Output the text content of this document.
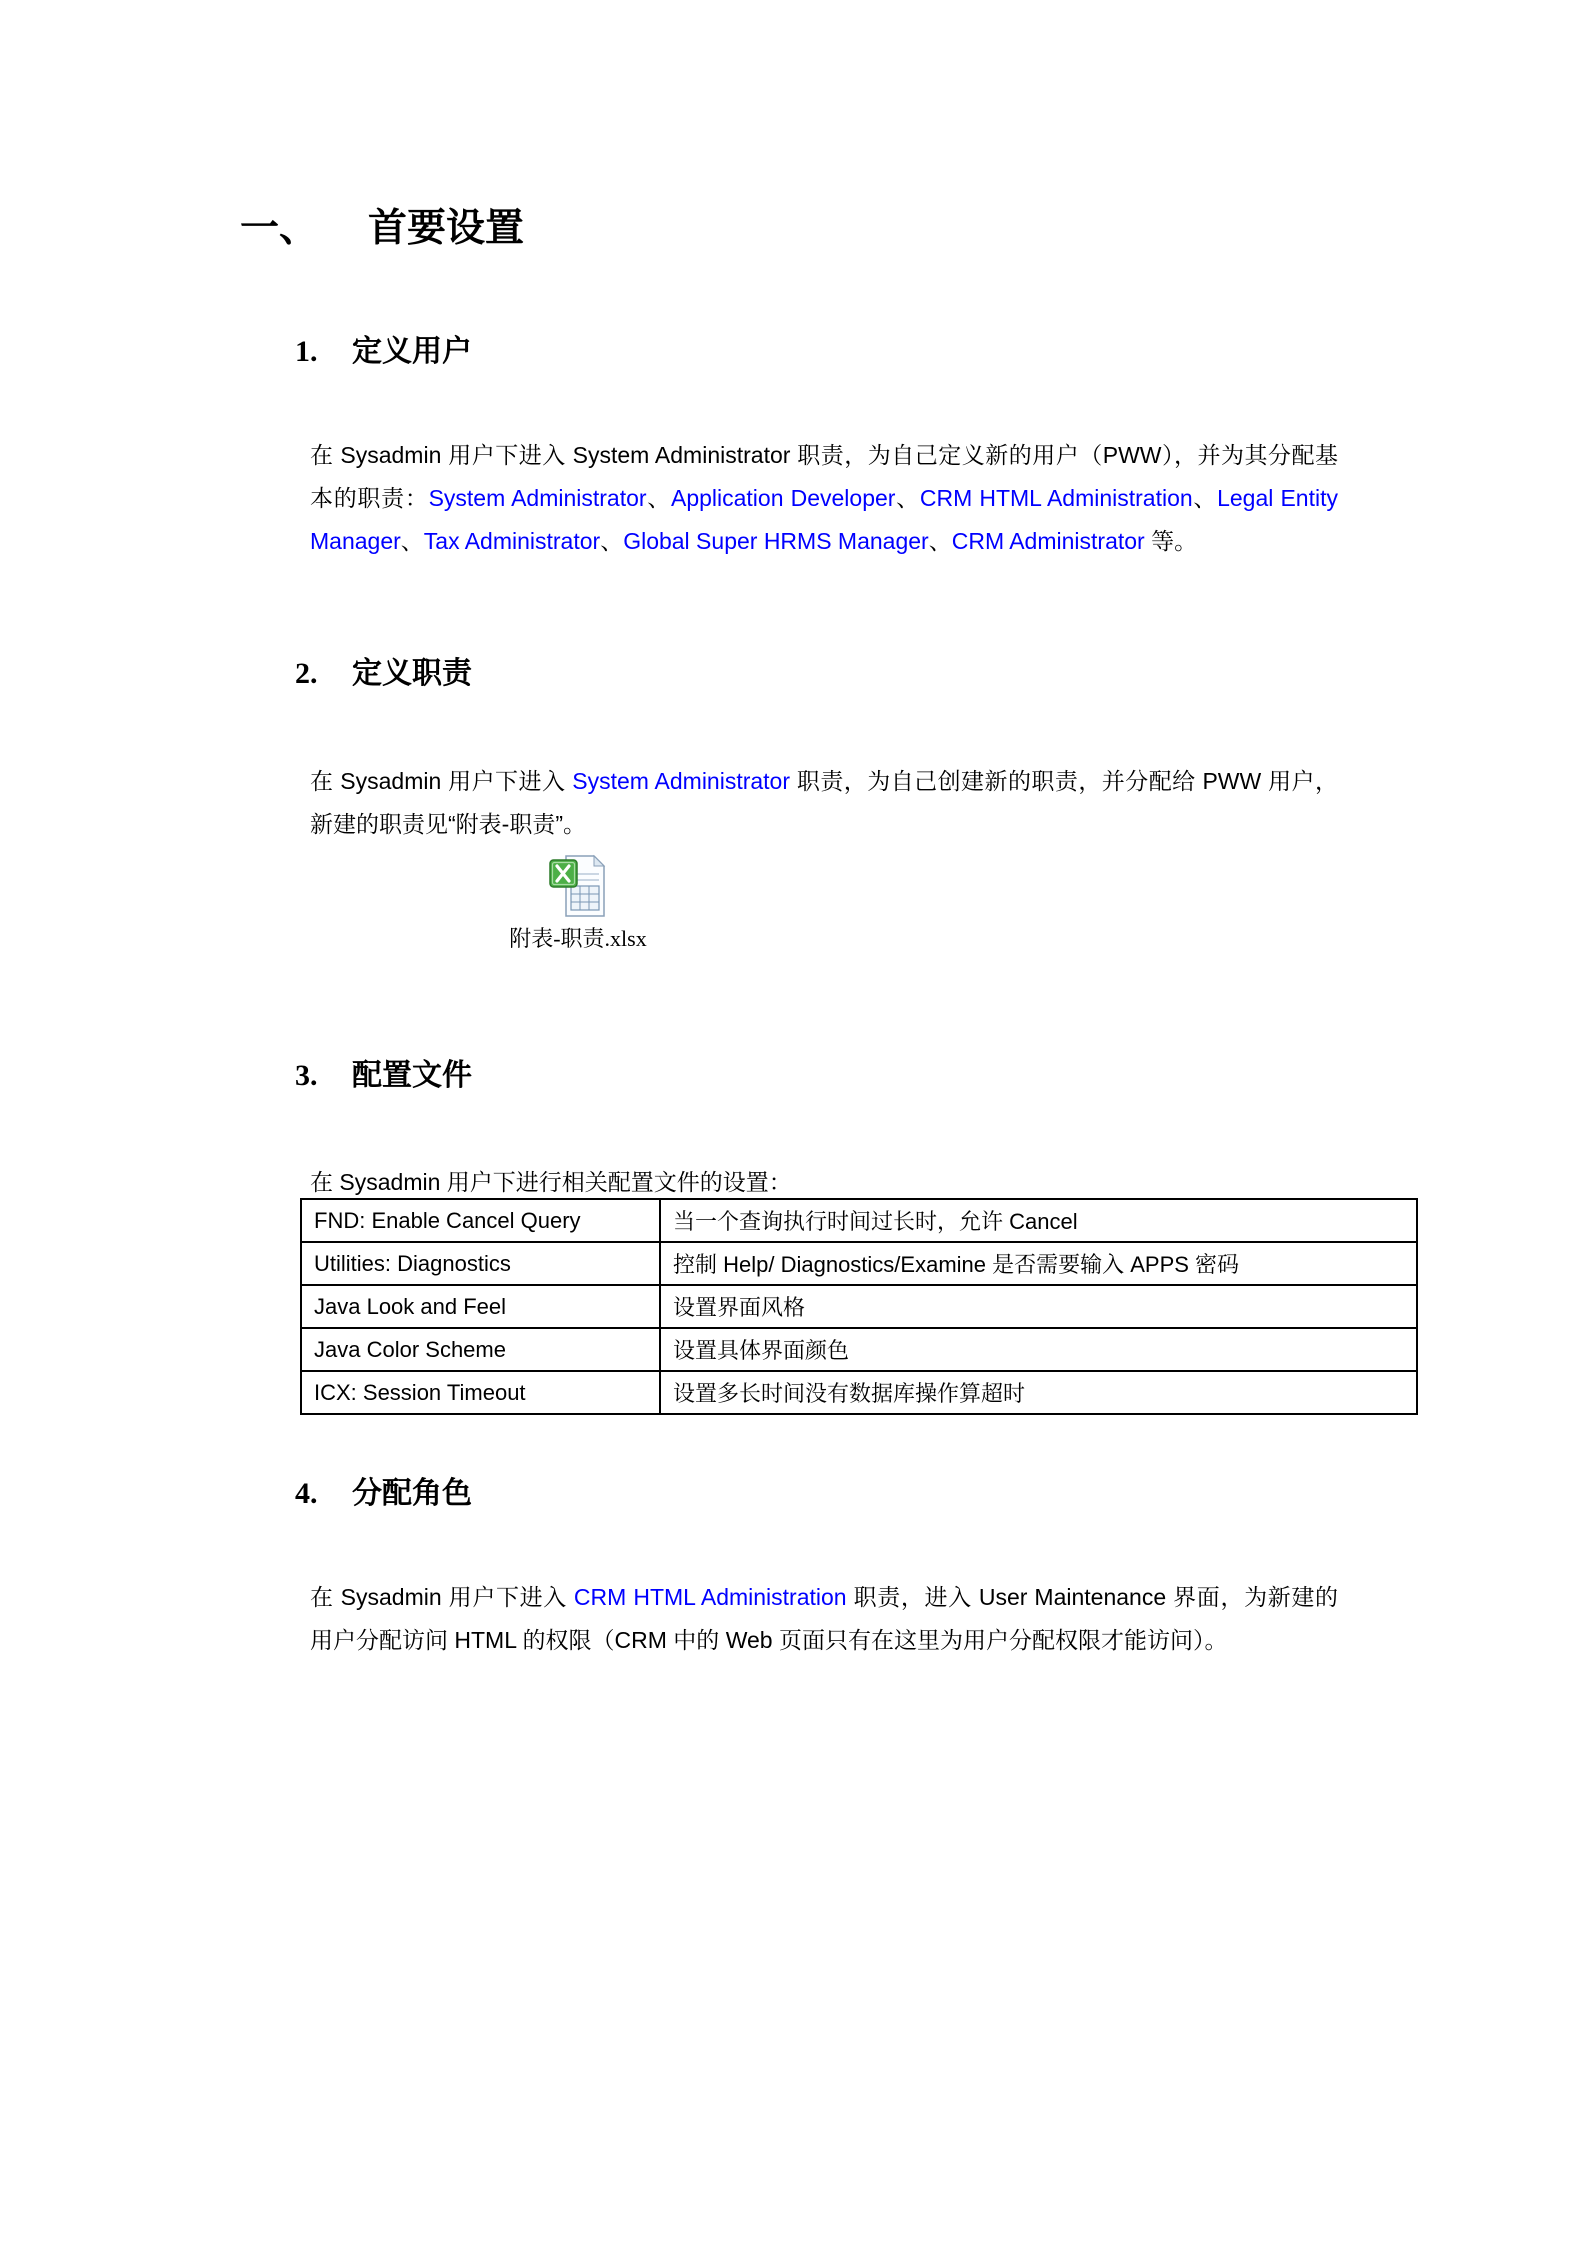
一、 首要设置
1. 定义用户

在 Sysadmin 用户下进入 System Administrator 职责，为自己定义新的用户（PWW），并为其分配基本的职责：System Administrator、Application Developer、CRM HTML Administration、Legal Entity Manager、Tax Administrator、Global Super HRMS Manager、CRM Administrator 等。

2. 定义职责

在 Sysadmin 用户下进入 System Administrator 职责，为自己创建新的职责，并分配给 PWW 用户，新建的职责见“附表-职责”。

附表-职责.xlsx
3. 配置文件

在 Sysadmin 用户下进行相关配置文件的设置：

FND: Enable Cancel Query	当一个查询执行时间过长时，允许 Cancel
Utilities: Diagnostics	控制 Help/ Diagnostics/Examine 是否需要输入 APPS 密码
Java Look and Feel	设置界面风格
Java Color Scheme	设置具体界面颜色
ICX: Session Timeout	设置多长时间没有数据库操作算超时
4. 分配角色

在 Sysadmin 用户下进入 CRM HTML Administration 职责，进入 User Maintenance 界面，为新建的用户分配访问 HTML 的权限（CRM 中的 Web 页面只有在这里为用户分配权限才能访问）。
